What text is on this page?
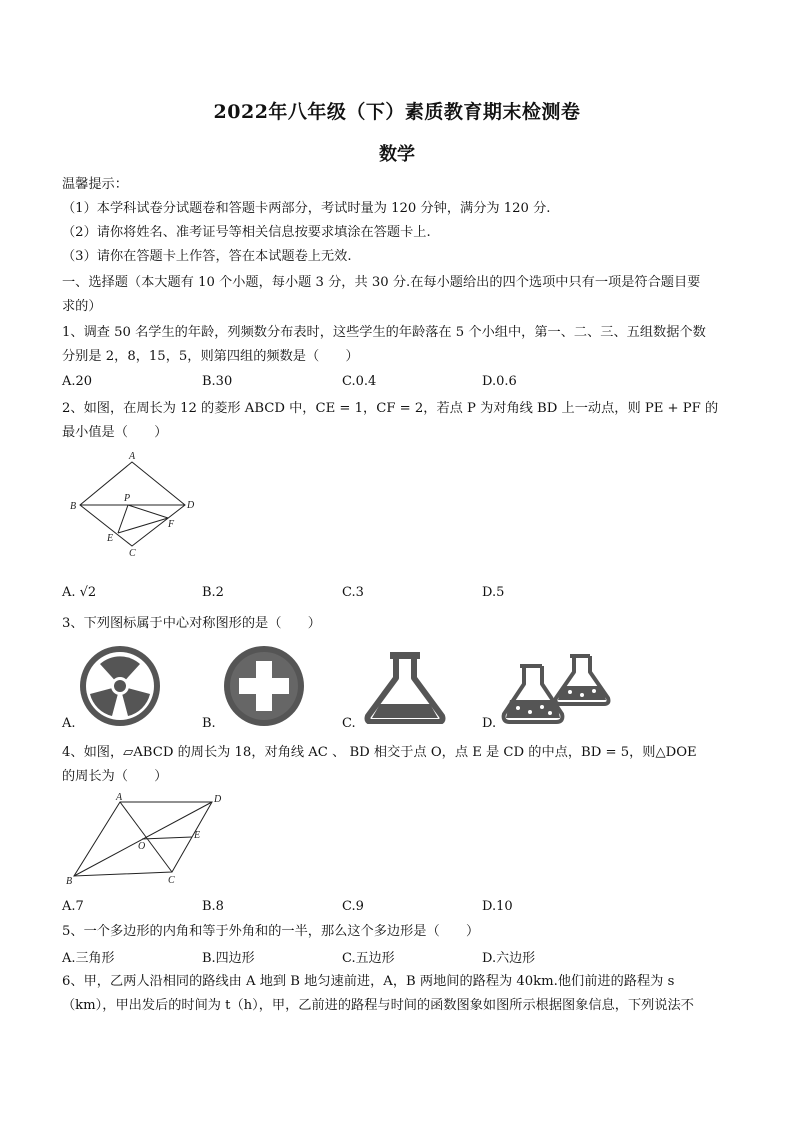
2022年八年级（下）素质教育期末检测卷
数学
温馨提示：
（1）本学科试卷分试题卷和答题卡两部分，考试时量为 120 分钟，满分为 120 分.
（2）请你将姓名、准考证号等相关信息按要求填涂在答题卡上.
（3）请你在答题卡上作答，答在本试题卷上无效.
一、选择题（本大题有 10 个小题，每小题 3 分，共 30 分.在每小题给出的四个选项中只有一项是符合题目要
求的）
1、调查 50 名学生的年龄，列频数分布表时，这些学生的年龄落在 5 个小组中，第一、二、三、五组数据个数
分别是 2，8，15，5，则第四组的频数是（　　）
A.20	B.30	C.0.4	D.0.6
2、如图，在周长为 12 的菱形 ABCD 中，CE = 1，CF = 2，若点 P 为对角线 BD 上一动点，则 PE + PF 的
最小值是（　　）
A
B
P
D
F
E
C
A. √2	B.2	C.3	D.5
3、下列图标属于中心对称图形的是（　　）
A.	B.	C.	D.
4、如图，▱ABCD 的周长为 18，对角线 AC 、 BD 相交于点 O，点 E 是 CD 的中点，BD = 5，则△DOE
的周长为（　　）
A	D
E
O
B	C
A.7	B.8	C.9	D.10
5、一个多边形的内角和等于外角和的一半，那么这个多边形是（　　）
A.三角形	B.四边形	C.五边形	D.六边形
6、甲，乙两人沿相同的路线由 A 地到 B 地匀速前进，A，B 两地间的路程为 40km.他们前进的路程为 s
（km），甲出发后的时间为 t（h），甲，乙前进的路程与时间的函数图象如图所示根据图象信息，下列说法不
